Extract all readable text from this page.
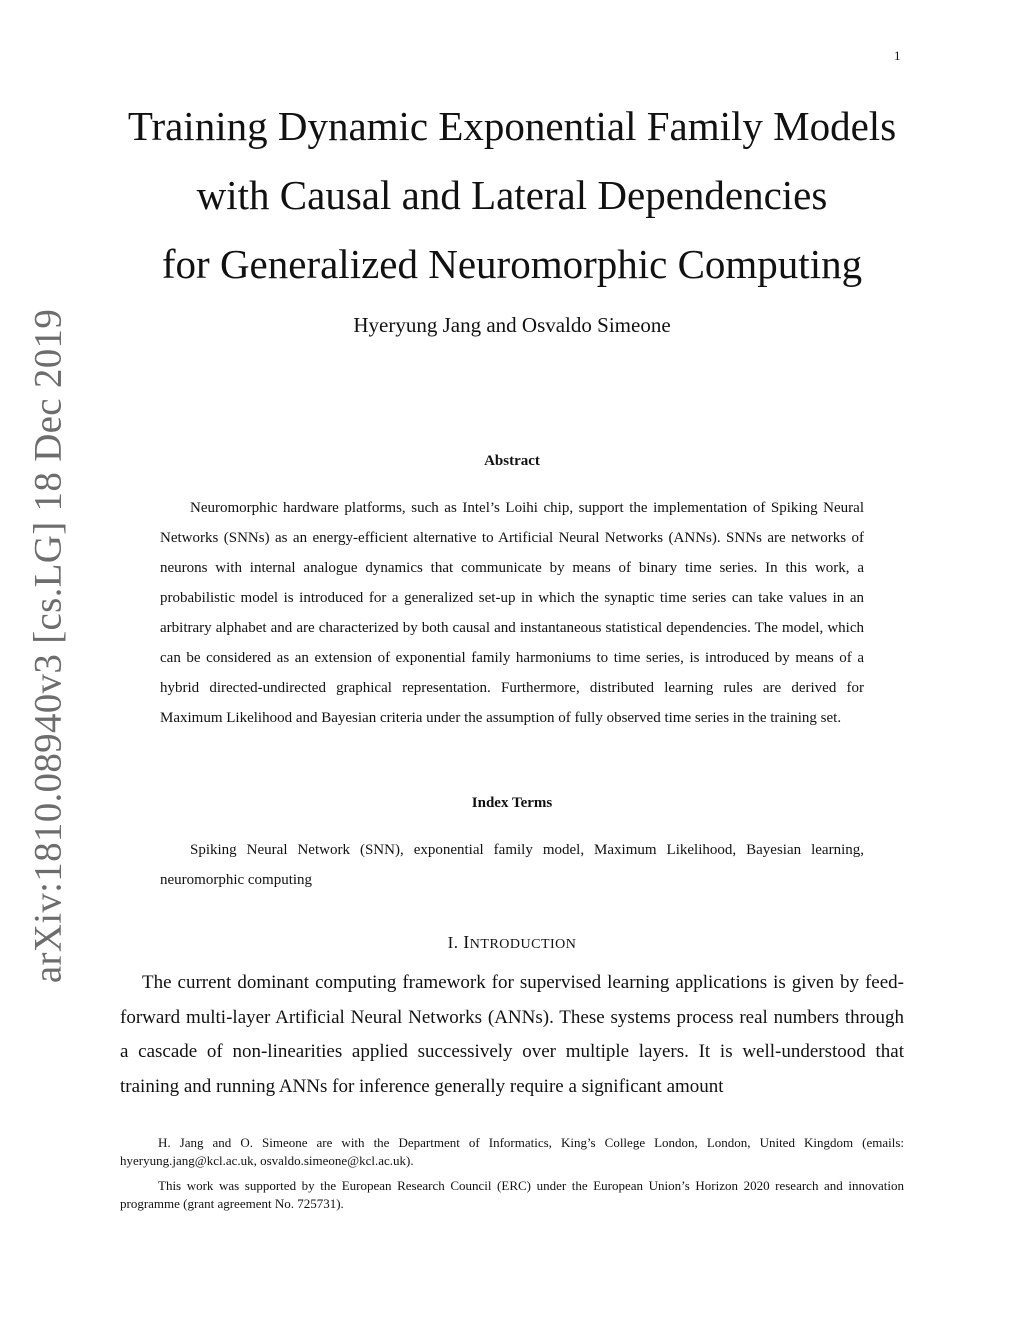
1
arXiv:1810.08940v3 [cs.LG] 18 Dec 2019
Training Dynamic Exponential Family Models
with Causal and Lateral Dependencies
for Generalized Neuromorphic Computing
Hyeryung Jang and Osvaldo Simeone
Abstract

Neuromorphic hardware platforms, such as Intel’s Loihi chip, support the implementation of Spiking Neural Networks (SNNs) as an energy-efficient alternative to Artificial Neural Networks (ANNs). SNNs are networks of neurons with internal analogue dynamics that communicate by means of binary time series. In this work, a probabilistic model is introduced for a generalized set-up in which the synaptic time series can take values in an arbitrary alphabet and are characterized by both causal and instantaneous statistical dependencies. The model, which can be considered as an extension of exponential family harmoniums to time series, is introduced by means of a hybrid directed-undirected graphical representation. Furthermore, distributed learning rules are derived for Maximum Likelihood and Bayesian criteria under the assumption of fully observed time series in the training set.

Index Terms

Spiking Neural Network (SNN), exponential family model, Maximum Likelihood, Bayesian learning, neuromorphic computing

I. INTRODUCTION

The current dominant computing framework for supervised learning applications is given by feed-forward multi-layer Artificial Neural Networks (ANNs). These systems process real numbers through a cascade of non-linearities applied successively over multiple layers. It is well-understood that training and running ANNs for inference generally require a significant amount

H. Jang and O. Simeone are with the Department of Informatics, King’s College London, London, United Kingdom (emails: hyeryung.jang@kcl.ac.uk, osvaldo.simeone@kcl.ac.uk).

This work was supported by the European Research Council (ERC) under the European Union’s Horizon 2020 research and innovation programme (grant agreement No. 725731).
